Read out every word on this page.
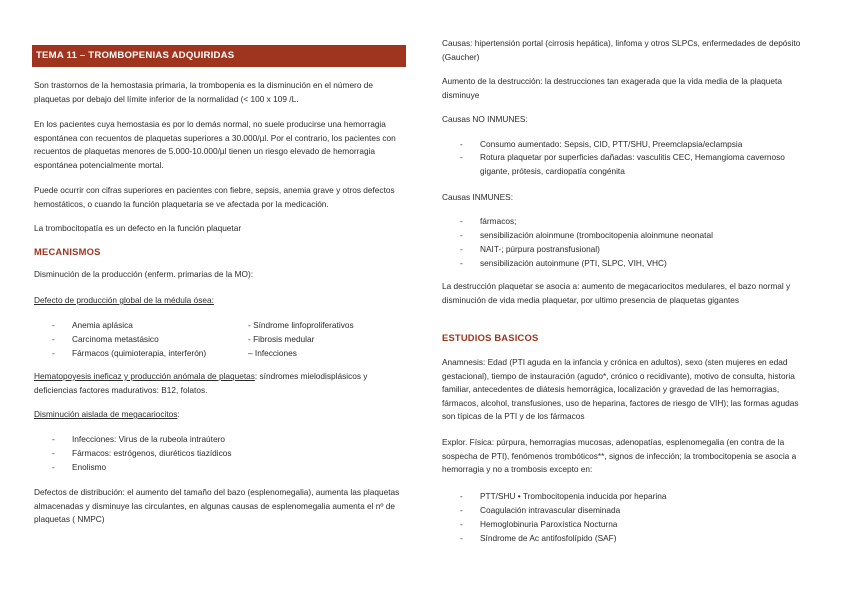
TEMA 11 – TROMBOPENIAS ADQUIRIDAS

Son trastornos de la hemostasia primaria, la trombopenia es la disminución en el número de plaquetas por debajo del límite inferior de la normalidad (< 100 x 109 /L.

En los pacientes cuya hemostasia es por lo demás normal, no suele producirse una hemorragia espontánea con recuentos de plaquetas superiores a 30.000/µl. Por el contrario, los pacientes con recuentos de plaquetas menores de 5.000-10.000/µl tienen un riesgo elevado de hemorragia espontánea potencialmente mortal.

Puede ocurrir con cifras superiores en pacientes con fiebre, sepsis, anemia grave y otros defectos hemostáticos, o cuando la función plaquetaria se ve afectada por la medicación.

La trombocitopatía es un defecto en la función plaquetar

MECANISMOS

Disminución de la producción (enferm. primarias de la MO):

Defecto de producción global de la médula ósea:

- Anemia aplásica
- Carcinoma metastásico
- Fármacos (quimioterapia, interferón)

- Síndrome linfoproliferativos

- Fibrosis medular

– Infecciones

Hematopoyesis ineficaz y producción anómala de plaquetas: síndromes mielodisplásicos y deficiencias factores madurativos: B12, folatos.

Disminución aislada de megacariocitos:

- Infecciones: Virus de la rubeola intraútero
- Fármacos: estrógenos, diuréticos tiazídicos
- Enolismo

Defectos de distribución: el aumento del tamaño del bazo (esplenomegalia), aumenta las plaquetas almacenadas y disminuye las circulantes, en algunas causas de esplenomegalia aumenta el nº de plaquetas ( NMPC)

Causas: hipertensión portal (cirrosis hepática), linfoma y otros SLPCs, enfermedades de depósito (Gaucher)

Aumento de la destrucción: la destrucciones tan exagerada que la vida media de la plaqueta disminuye

Causas NO INMUNES:

- Consumo aumentado: Sepsis, CID, PTT/SHU, Preemclapsia/eclampsia
- Rotura plaquetar por superficies dañadas: vasculitis CEC, Hemangioma cavernoso gigante, prótesis, cardiopatía congénita

Causas INMUNES:

- fármacos;
- sensibilización aloinmune (trombocitopenia aloinmune neonatal
- NAIT-; púrpura postransfusional)
- sensibilización autoinmune (PTI, SLPC, VIH, VHC)

La destrucción plaquetar se asocia a: aumento de megacariocitos medulares, el bazo normal y disminución de vida media plaquetar, por ultimo presencia de plaquetas gigantes

ESTUDIOS BASICOS

Anamnesis: Edad (PTI aguda en la infancia y crónica en adultos), sexo (sten mujeres en edad gestacional), tiempo de instauración (agudo*, crónico o recidivante), motivo de consulta, historia familiar, antecedentes de diátesis hemorrágica, localización y gravedad de las hemorragias, fármacos, alcohol, transfusiones, uso de heparina, factores de riesgo de VIH); las formas agudas son típicas de la PTI y de los fármacos

Explor. Física: púrpura, hemorragias mucosas, adenopatías, esplenomegalia (en contra de la sospecha de PTI), fenómenos trombóticos**, signos de infección; la trombocitopenia se asocia a hemorragia y no a trombosis excepto en:

- PTT/SHU • Trombocitopenia inducida por heparina
- Coagulación intravascular diseminada
- Hemoglobinuria Paroxística Nocturna
- Síndrome de Ac antifosfolípido (SAF)
